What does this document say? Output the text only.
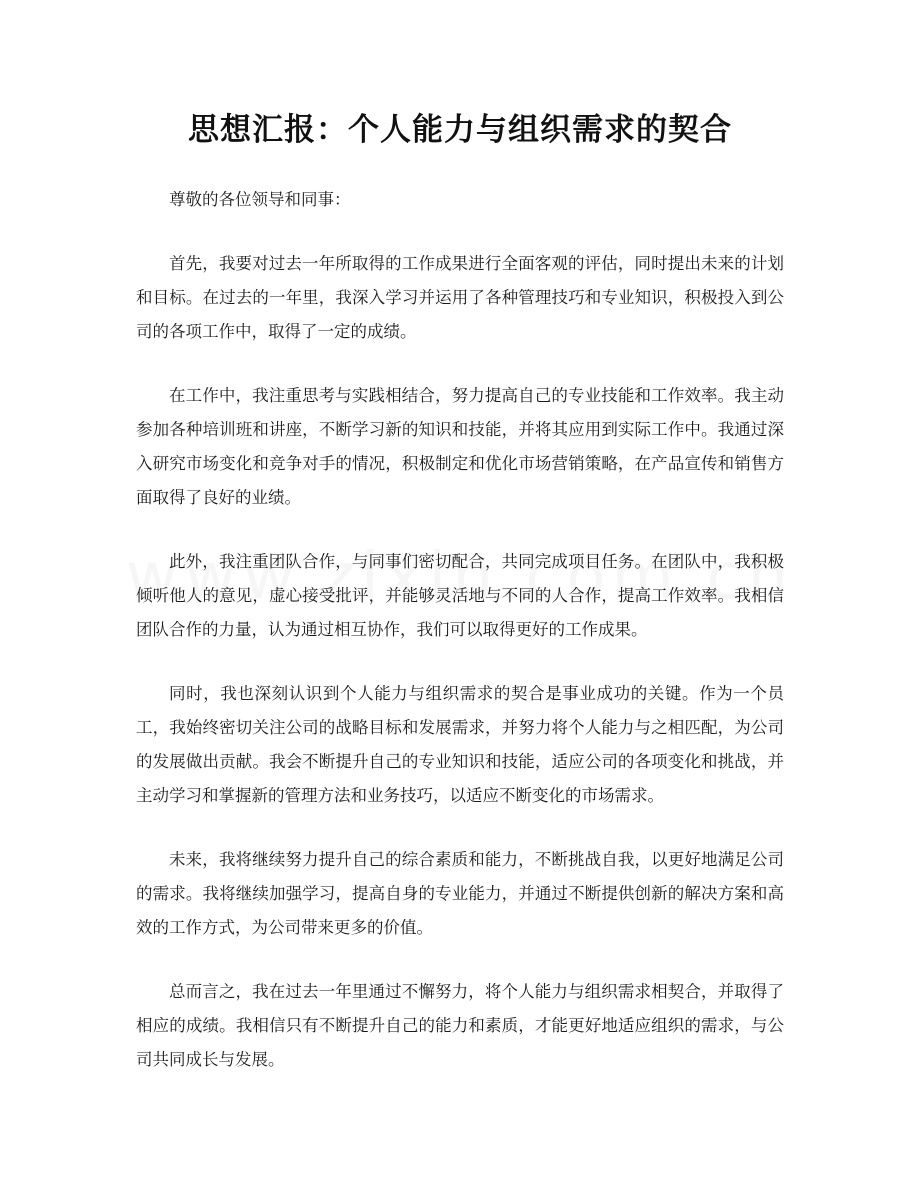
思想汇报：个人能力与组织需求的契合

尊敬的各位领导和同事：

首先，我要对过去一年所取得的工作成果进行全面客观的评估，同时提出未来的计划和目标。在过去的一年里，我深入学习并运用了各种管理技巧和专业知识，积极投入到公司的各项工作中，取得了一定的成绩。

在工作中，我注重思考与实践相结合，努力提高自己的专业技能和工作效率。我主动参加各种培训班和讲座，不断学习新的知识和技能，并将其应用到实际工作中。我通过深入研究市场变化和竞争对手的情况，积极制定和优化市场营销策略，在产品宣传和销售方面取得了良好的业绩。

此外，我注重团队合作，与同事们密切配合，共同完成项目任务。在团队中，我积极倾听他人的意见，虚心接受批评，并能够灵活地与不同的人合作，提高工作效率。我相信团队合作的力量，认为通过相互协作，我们可以取得更好的工作成果。

同时，我也深刻认识到个人能力与组织需求的契合是事业成功的关键。作为一个员工，我始终密切关注公司的战略目标和发展需求，并努力将个人能力与之相匹配，为公司的发展做出贡献。我会不断提升自己的专业知识和技能，适应公司的各项变化和挑战，并主动学习和掌握新的管理方法和业务技巧，以适应不断变化的市场需求。

未来，我将继续努力提升自己的综合素质和能力，不断挑战自我，以更好地满足公司的需求。我将继续加强学习，提高自身的专业能力，并通过不断提供创新的解决方案和高效的工作方式，为公司带来更多的价值。

总而言之，我在过去一年里通过不懈努力，将个人能力与组织需求相契合，并取得了相应的成绩。我相信只有不断提升自己的能力和素质，才能更好地适应组织的需求，与公司共同成长与发展。
